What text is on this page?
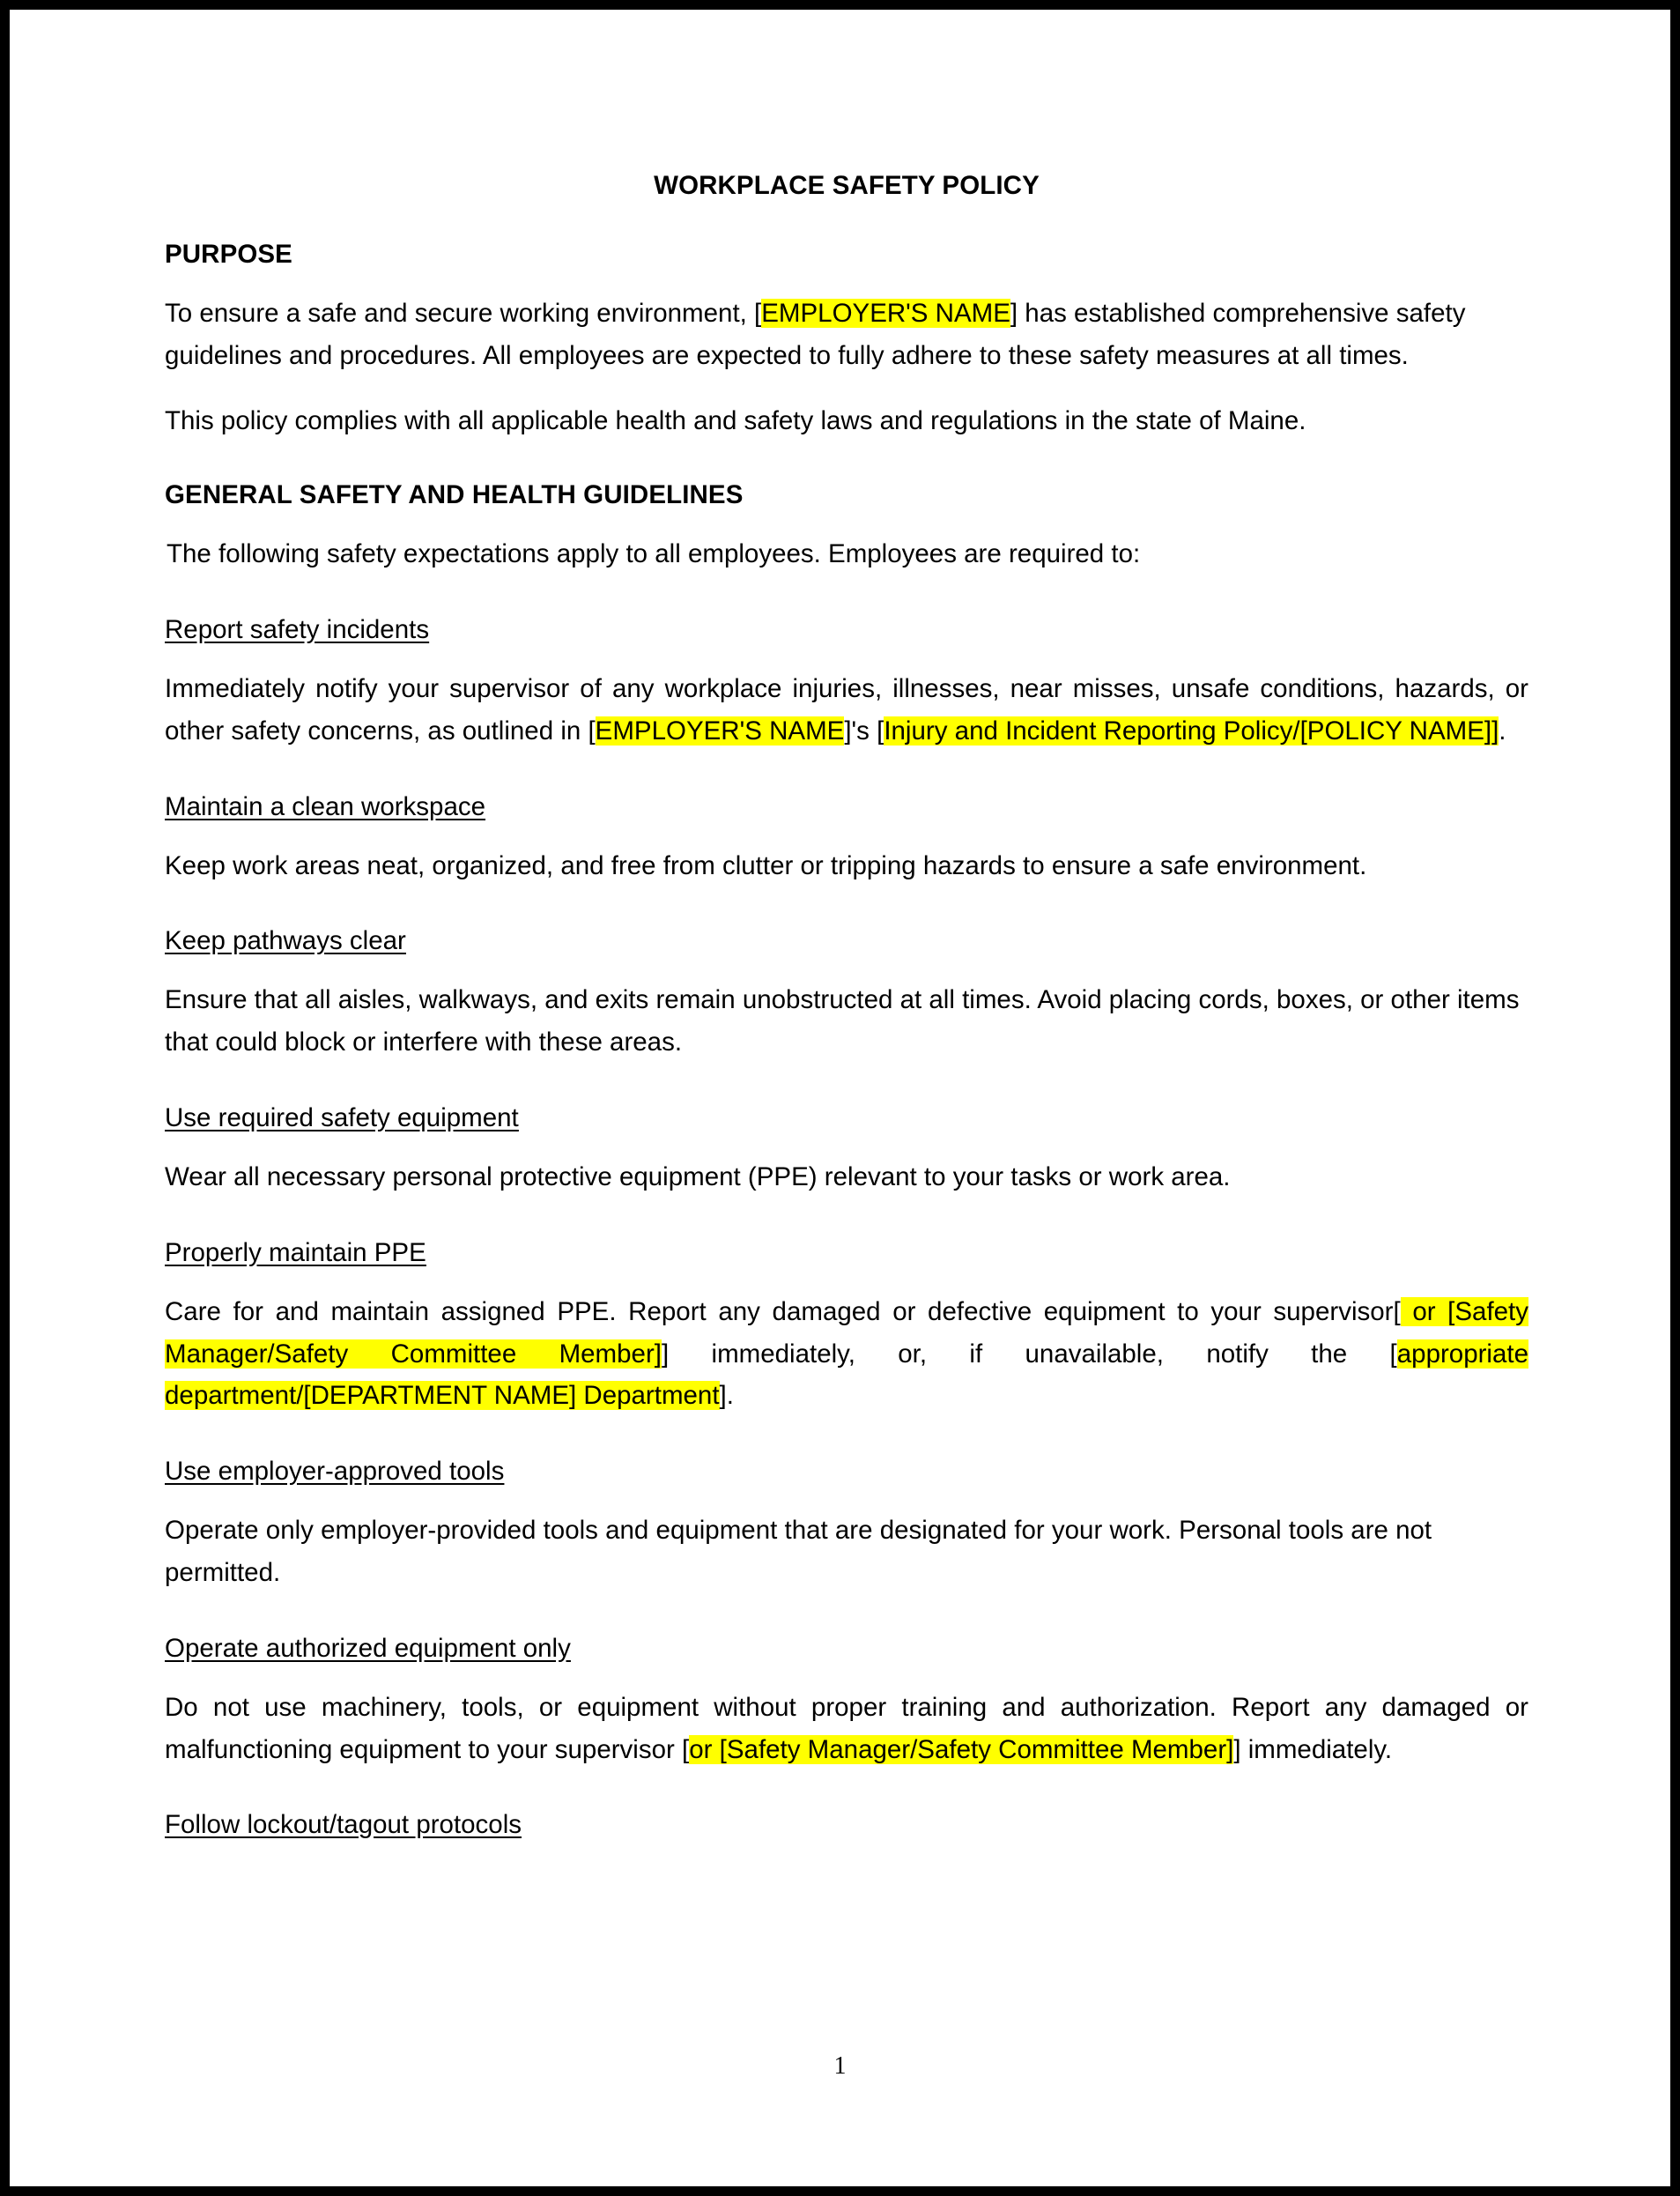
WORKPLACE SAFETY POLICY
PURPOSE

To ensure a safe and secure working environment, [EMPLOYER'S NAME] has established comprehensive safety guidelines and procedures. All employees are expected to fully adhere to these safety measures at all times.

This policy complies with all applicable health and safety laws and regulations in the state of Maine.

GENERAL SAFETY AND HEALTH GUIDELINES

The following safety expectations apply to all employees. Employees are required to:

Report safety incidents

Immediately notify your supervisor of any workplace injuries, illnesses, near misses, unsafe conditions, hazards, or other safety concerns, as outlined in [EMPLOYER'S NAME]'s [Injury and Incident Reporting Policy/[POLICY NAME]].

Maintain a clean workspace

Keep work areas neat, organized, and free from clutter or tripping hazards to ensure a safe environment.

Keep pathways clear

Ensure that all aisles, walkways, and exits remain unobstructed at all times. Avoid placing cords, boxes, or other items that could block or interfere with these areas.

Use required safety equipment

Wear all necessary personal protective equipment (PPE) relevant to your tasks or work area.

Properly maintain PPE

Care for and maintain assigned PPE. Report any damaged or defective equipment to your supervisor[ or [Safety Manager/Safety Committee Member]] immediately, or, if unavailable, notify the [appropriate department/[DEPARTMENT NAME] Department].

Use employer-approved tools

Operate only employer-provided tools and equipment that are designated for your work. Personal tools are not permitted.

Operate authorized equipment only

Do not use machinery, tools, or equipment without proper training and authorization. Report any damaged or malfunctioning equipment to your supervisor [or [Safety Manager/Safety Committee Member]] immediately.

Follow lockout/tagout protocols
1
